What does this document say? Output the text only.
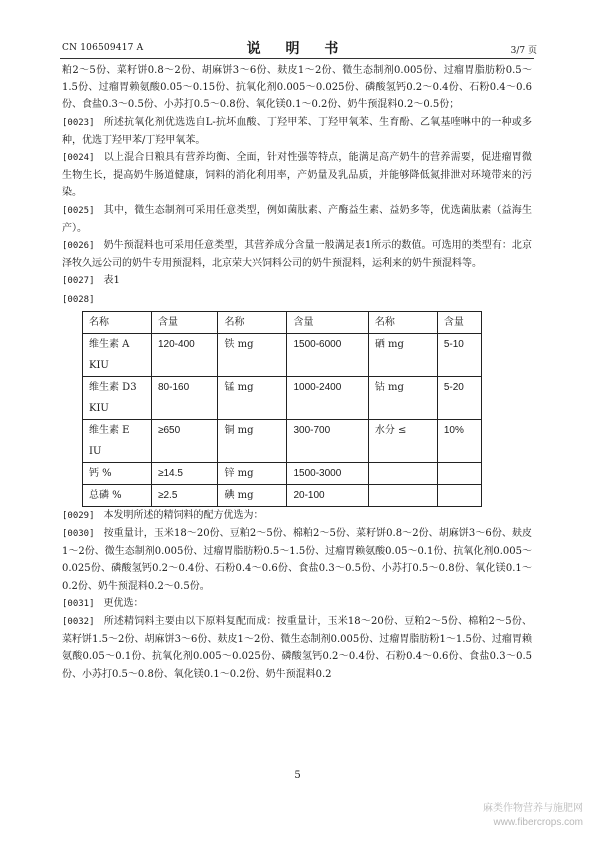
CN 106509417 A	说 明 书	3/7 页

粕2～5份、菜籽饼0.8～2份、胡麻饼3～6份、麸皮1～2份、微生态制剂0.005份、过瘤胃脂肪粉0.5～1.5份、过瘤胃赖氨酸0.05～0.15份、抗氧化剂0.005～0.025份、磷酸氢钙0.2～0.4份、石粉0.4～0.6份、食盐0.3～0.5份、小苏打0.5～0.8份、氧化镁0.1～0.2份、奶牛预混料0.2～0.5份；

[0023] 所述抗氧化剂优选选自L-抗坏血酸、丁羟甲苯、丁羟甲氧苯、生育酚、乙氧基喹啉中的一种或多种，优选丁羟甲苯/丁羟甲氧苯。

[0024] 以上混合日粮具有营养均衡、全面，针对性强等特点，能满足高产奶牛的营养需要，促进瘤胃微生物生长，提高奶牛肠道健康，饲料的消化利用率，产奶量及乳品质，并能够降低氮排泄对环境带来的污染。

[0025] 其中，微生态制剂可采用任意类型，例如菌肽素、产酶益生素、益奶多等，优选菌肽素（益海生产）。

[0026] 奶牛预混料也可采用任意类型，其营养成分含量一般满足表1所示的数值。可选用的类型有：北京泽牧久远公司的奶牛专用预混料，北京荣大兴饲料公司的奶牛预混料，运利来的奶牛预混料等。

[0027] 表1

[0028]

名称	含量	名称	含量	名称	含量
维生素 A KIU	120-400	铁 mg	1500-6000	硒 mg	5-10
维生素 D3 KIU	80-160	锰 mg	1000-2400	钴 mg	5-20
维生素 E IU	≥650	铜 mg	300-700	水分 ≤	10%
钙 %	≥14.5	锌 mg	1500-3000		
总磷 %	≥2.5	碘 mg	20-100		

[0029] 本发明所述的精饲料的配方优选为：

[0030] 按重量计，玉米18～20份、豆粕2～5份、棉粕2～5份、菜籽饼0.8～2份、胡麻饼3～6份、麸皮1～2份、微生态制剂0.005份、过瘤胃脂肪粉0.5～1.5份、过瘤胃赖氨酸0.05～0.1份、抗氧化剂0.005～0.025份、磷酸氢钙0.2～0.4份、石粉0.4～0.6份、食盐0.3～0.5份、小苏打0.5～0.8份、氧化镁0.1～0.2份、奶牛预混料0.2～0.5份。

[0031] 更优选：

[0032] 所述精饲料主要由以下原料复配而成：按重量计，玉米18～20份、豆粕2～5份、棉粕2～5份、菜籽饼1.5～2份、胡麻饼3～6份、麸皮1～2份、微生态制剂0.005份、过瘤胃脂肪粉1～1.5份、过瘤胃赖氨酸0.05～0.1份、抗氧化剂0.005～0.025份、磷酸氢钙0.2～0.4份、石粉0.4～0.6份、食盐0.3～0.5份、小苏打0.5～0.8份、氧化镁0.1～0.2份、奶牛预混料0.2

5
麻类作物营养与施肥网
www.fibercrops.com
